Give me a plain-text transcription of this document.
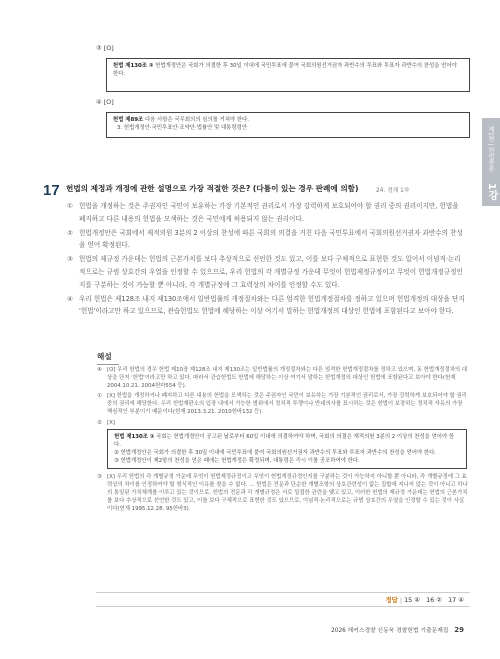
③ [O]
헌법 제130조 ② 헌법개정안은 국회가 의결한 후 30일 이내에 국민투표에 붙여 국회의원선거권자 과반수의 투표와 투표자 과반수의 찬성을 얻어야 한다.
④ [O]
헌법 제89조 다음 사항은 국무회의의 심의를 거쳐야 한다.
3. 헌법개정안·국민투표안·조약안·법률안 및 대통령령안	제1편 | 헌법총론
1강
17 헌법의 제정과 개정에 관한 설명으로 가장 적절한 것은? (다툼이 있는 경우 판례에 의함)	24. 경채 1차
① 헌법을 개정하는 것은 주권자인 국민이 보유하는 가장 기본적인 권리로서 가장 강력하게 보호되어야 할 권리 중의 권리이지만, 헌법을 폐지하고 다른 내용의 헌법을 모색하는 것은 국민에게 허용되지 않는 권리이다.
② 헌법개정안은 국회에서 재적의원 3분의 2 이상의 찬성에 따른 국회의 의결을 거친 다음 국민투표에서 국회의원선거권자 과반수의 찬성을 얻어 확정된다.
③ 헌법의 제규정 가운데는 헌법의 근본가치를 보다 추상적으로 선언한 것도 있고, 이를 보다 구체적으로 표현한 것도 있어서 이념적·논리적으로는 규범 상호간의 우열을 인정할 수 있으므로, 우리 헌법의 각 개별규정 가운데 무엇이 헌법제정규정이고 무엇이 헌법개정규정인지를 구분하는 것이 가능할 뿐 아니라, 각 개별규정에 그 효력상의 차이를 인정할 수도 있다.
④ 우리 헌법은 제128조 내지 제130조에서 일반법률의 개정절차와는 다른 엄격한 헌법개정절차를 정하고 있으며 헌법개정의 대상을 단지 '헌법'이라고만 하고 있으므로, 관습헌법도 헌법에 해당하는 이상 여기서 말하는 헌법개정의 대상인 헌법에 포함된다고 보아야 한다.
해설
④ [O] 우리 헌법의 경우 헌법 제10장 제128조 내지 제130조는 일반법률의 개정절차와는 다른 엄격한 헌법개정절차를 정하고 있으며, 동 헌법개정절차의 대상을 단지 '헌법'이라고만 하고 있다. 따라서 관습헌법도 헌법에 해당하는 이상 여기서 말하는 헌법개정의 대상인 헌법에 포함된다고 보아야 한다(헌재 2004.10.21. 2004헌마554 등).
① [X] 헌법을 개정하거나 폐지하고 다른 내용의 헌법을 모색하는 것은 주권자인 국민이 보유하는 가장 기본적인 권리로서, 가장 강력하게 보호되어야 할 권리 중의 권리에 해당한다. 우리 헌법재판소의 입장 내에서 가능한 범위에서 정치적 투쟁이나 반대의사를 표시하는 것은 헌법이 보장하는 정치적 자유의 가장 핵심적인 부분이기 때문이다(헌재 2013.3.21. 2010헌바132 등).
② [X]
헌법 제130조 ① 국회는 헌법개정안이 공고된 날로부터 60일 이내에 의결하여야 하며, 국회의 의결은 재적의원 3분의 2 이상의 찬성을 얻어야 한다.
② 헌법개정안은 국회가 의결한 후 30일 이내에 국민투표에 붙여 국회의원선거권자 과반수의 투표와 투표자 과반수의 찬성을 얻어야 한다.
③ 헌법개정안이 제2항의 찬성을 얻은 때에는 헌법개정은 확정되며, 대통령은 즉시 이를 공포하여야 한다.
③ [X] 우리 헌법의 각 개별규정 가운데 무엇이 헌법제정규정이고 무엇이 헌법개정규정인지를 구분하는 것이 가능하지 아니할 뿐 아니라, 각 개별규정에 그 효력상의 차이를 인정하여야 할 형식적인 이유를 찾을 수 없다. … 헌법은 전문과 단순한 개별조항의 상호관련성이 없는 집합에 지나지 않는 것이 아니고 하나의 통일된 가치체계를 이루고 있는 것이므로, 헌법의 전문과 각 개별규정은 서로 밀접한 관련을 맺고 있고, 이러한 헌법의 제규정 가운데는 헌법의 근본가치를 보다 추상적으로 선언한 것도 있고, 이를 보다 구체적으로 표현한 것도 있으므로, 이념적·논리적으로는 규범 상호간의 우열을 인정할 수 있는 것이 사실이다(헌재 1995.12.28. 95헌바3).
정답 | 15 ④ 16 ② 17 ④
2026 해커스경찰 신동욱 경찰헌법 기출문제집 29
